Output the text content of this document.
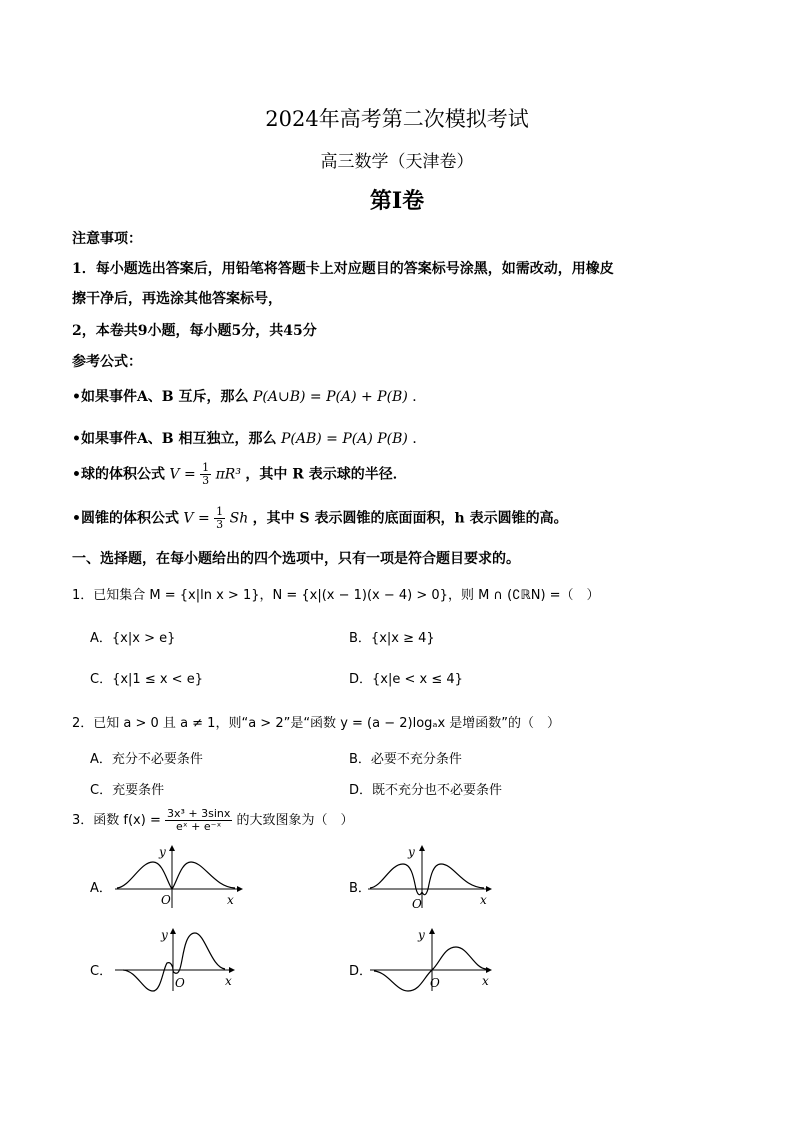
2024年高考第二次模拟考试
高三数学（天津卷）
第I卷
注意事项：
1．每小题选出答案后，用铅笔将答题卡上对应题目的答案标号涂黑，如需改动，用橡皮
擦干净后，再选涂其他答案标号，
2，本卷共9小题，每小题5分，共45分
参考公式：
•如果事件A、B 互斥，那么 P(A∪B) = P(A) + P(B) ．
•如果事件A、B 相互独立，那么 P(AB) = P(A) P(B) ．
•球的体积公式 $V = \frac{1}{3} \pi R^3$ ，其中 R 表示球的半径．
•圆锥的体积公式 $V = \frac{1}{3}$ Sh ，其中 S 表示圆锥的底面面积，h 表示圆锥的高。
一、选择题，在每小题给出的四个选项中，只有一项是符合题目要求的。
1．已知集合 M = {x|ln x > 1}，N = {x|(x − 1)(x − 4) > 0}，则 M ∩ (∁ℝN) =（　）
A．{x|x > e}	B．{x|x ≥ 4}
C．{x|1 ≤ x < e}	D．{x|e < x ≤ 4}
2．已知 a > 0 且 a ≠ 1，则“a > 2”是“函数 y = (a − 2)logₐx 是增函数”的（　）
A．充分不必要条件	B．必要不充分条件
C．充要条件	D．既不充分也不必要条件
3．函数 $f(x) = \frac{\text{3x³ + 3sinx}}{\text{eˣ + e⁻ˣ}}$ 的大致图象为（　）
A．	B．
C．	D．
x
y
O	x
y
O
x
y
O	x
y
O
